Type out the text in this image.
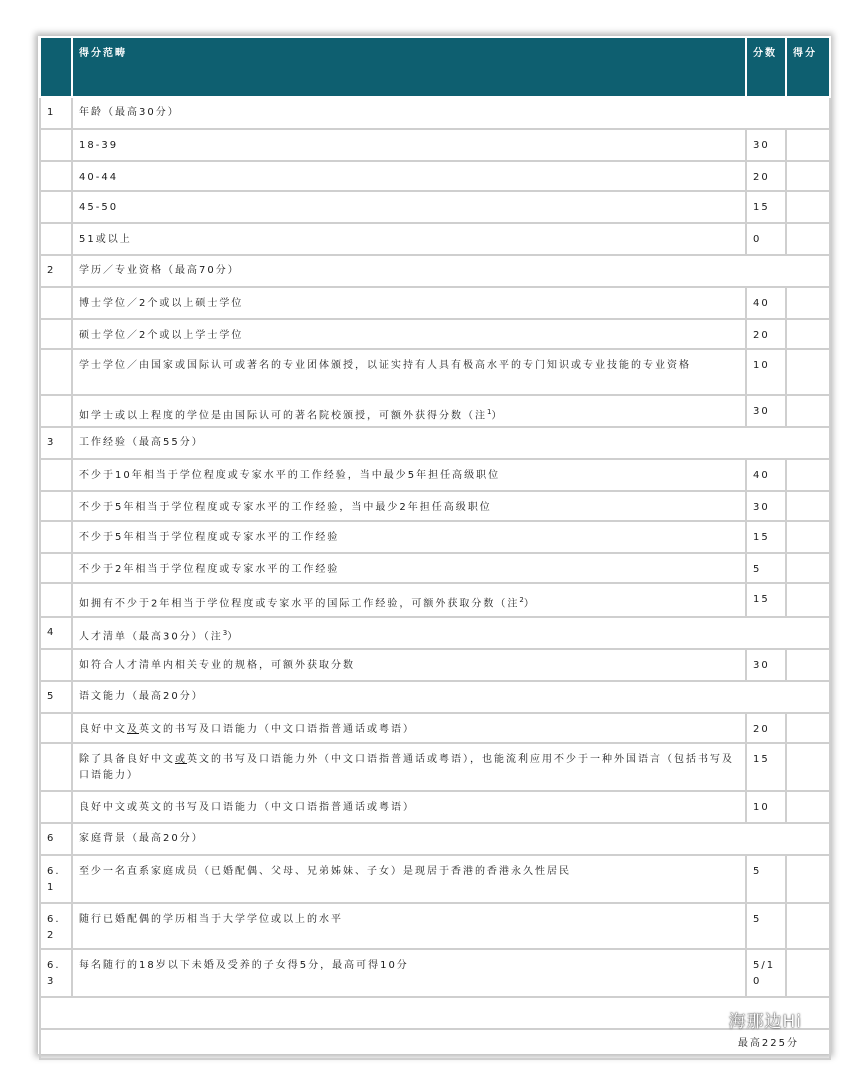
	得分范畴	分数	得分
1	年龄（最高30分）		
	18-39	30	
	40-44	20	
	45-50	15	
	51或以上	0	
2	学历／专业资格（最高70分）		
	博士学位／2个或以上硕士学位	40	
	硕士学位／2个或以上学士学位	20	
	学士学位／由国家或国际认可或著名的专业团体颁授，以证实持有人具有极高水平的专门知识或专业技能的专业资格	10	
	如学士或以上程度的学位是由国际认可的著名院校颁授，可额外获得分数（注$^1$）	30	
3	工作经验（最高55分）		
	不少于10年相当于学位程度或专家水平的工作经验，当中最少5年担任高级职位	40	
	不少于5年相当于学位程度或专家水平的工作经验，当中最少2年担任高级职位	30	
	不少于5年相当于学位程度或专家水平的工作经验	15	
	不少于2年相当于学位程度或专家水平的工作经验	5	
	如拥有不少于2年相当于学位程度或专家水平的国际工作经验，可额外获取分数（注$^2$）	15	
4	人才清单（最高30分）（注$^3$）		
	如符合人才清单内相关专业的规格，可额外获取分数	30	
5	语文能力（最高20分）		
	良好中文及英文的书写及口语能力（中文口语指普通话或粤语）	20	
	除了具备良好中文或英文的书写及口语能力外（中文口语指普通话或粤语），也能流利应用不少于一种外国语言（包括书写及口语能力）	15	
	良好中文或英文的书写及口语能力（中文口语指普通话或粤语）	10	
6	家庭背景（最高20分）		
6.1	至少一名直系家庭成员（已婚配偶、父母、兄弟姊妹、子女）是现居于香港的香港永久性居民	5	
6.2	随行已婚配偶的学历相当于大学学位或以上的水平	5	
6.3	每名随行的18岁以下未婚及受养的子女得5分，最高可得10分	5/10	

最高225分			
海那边Hi
